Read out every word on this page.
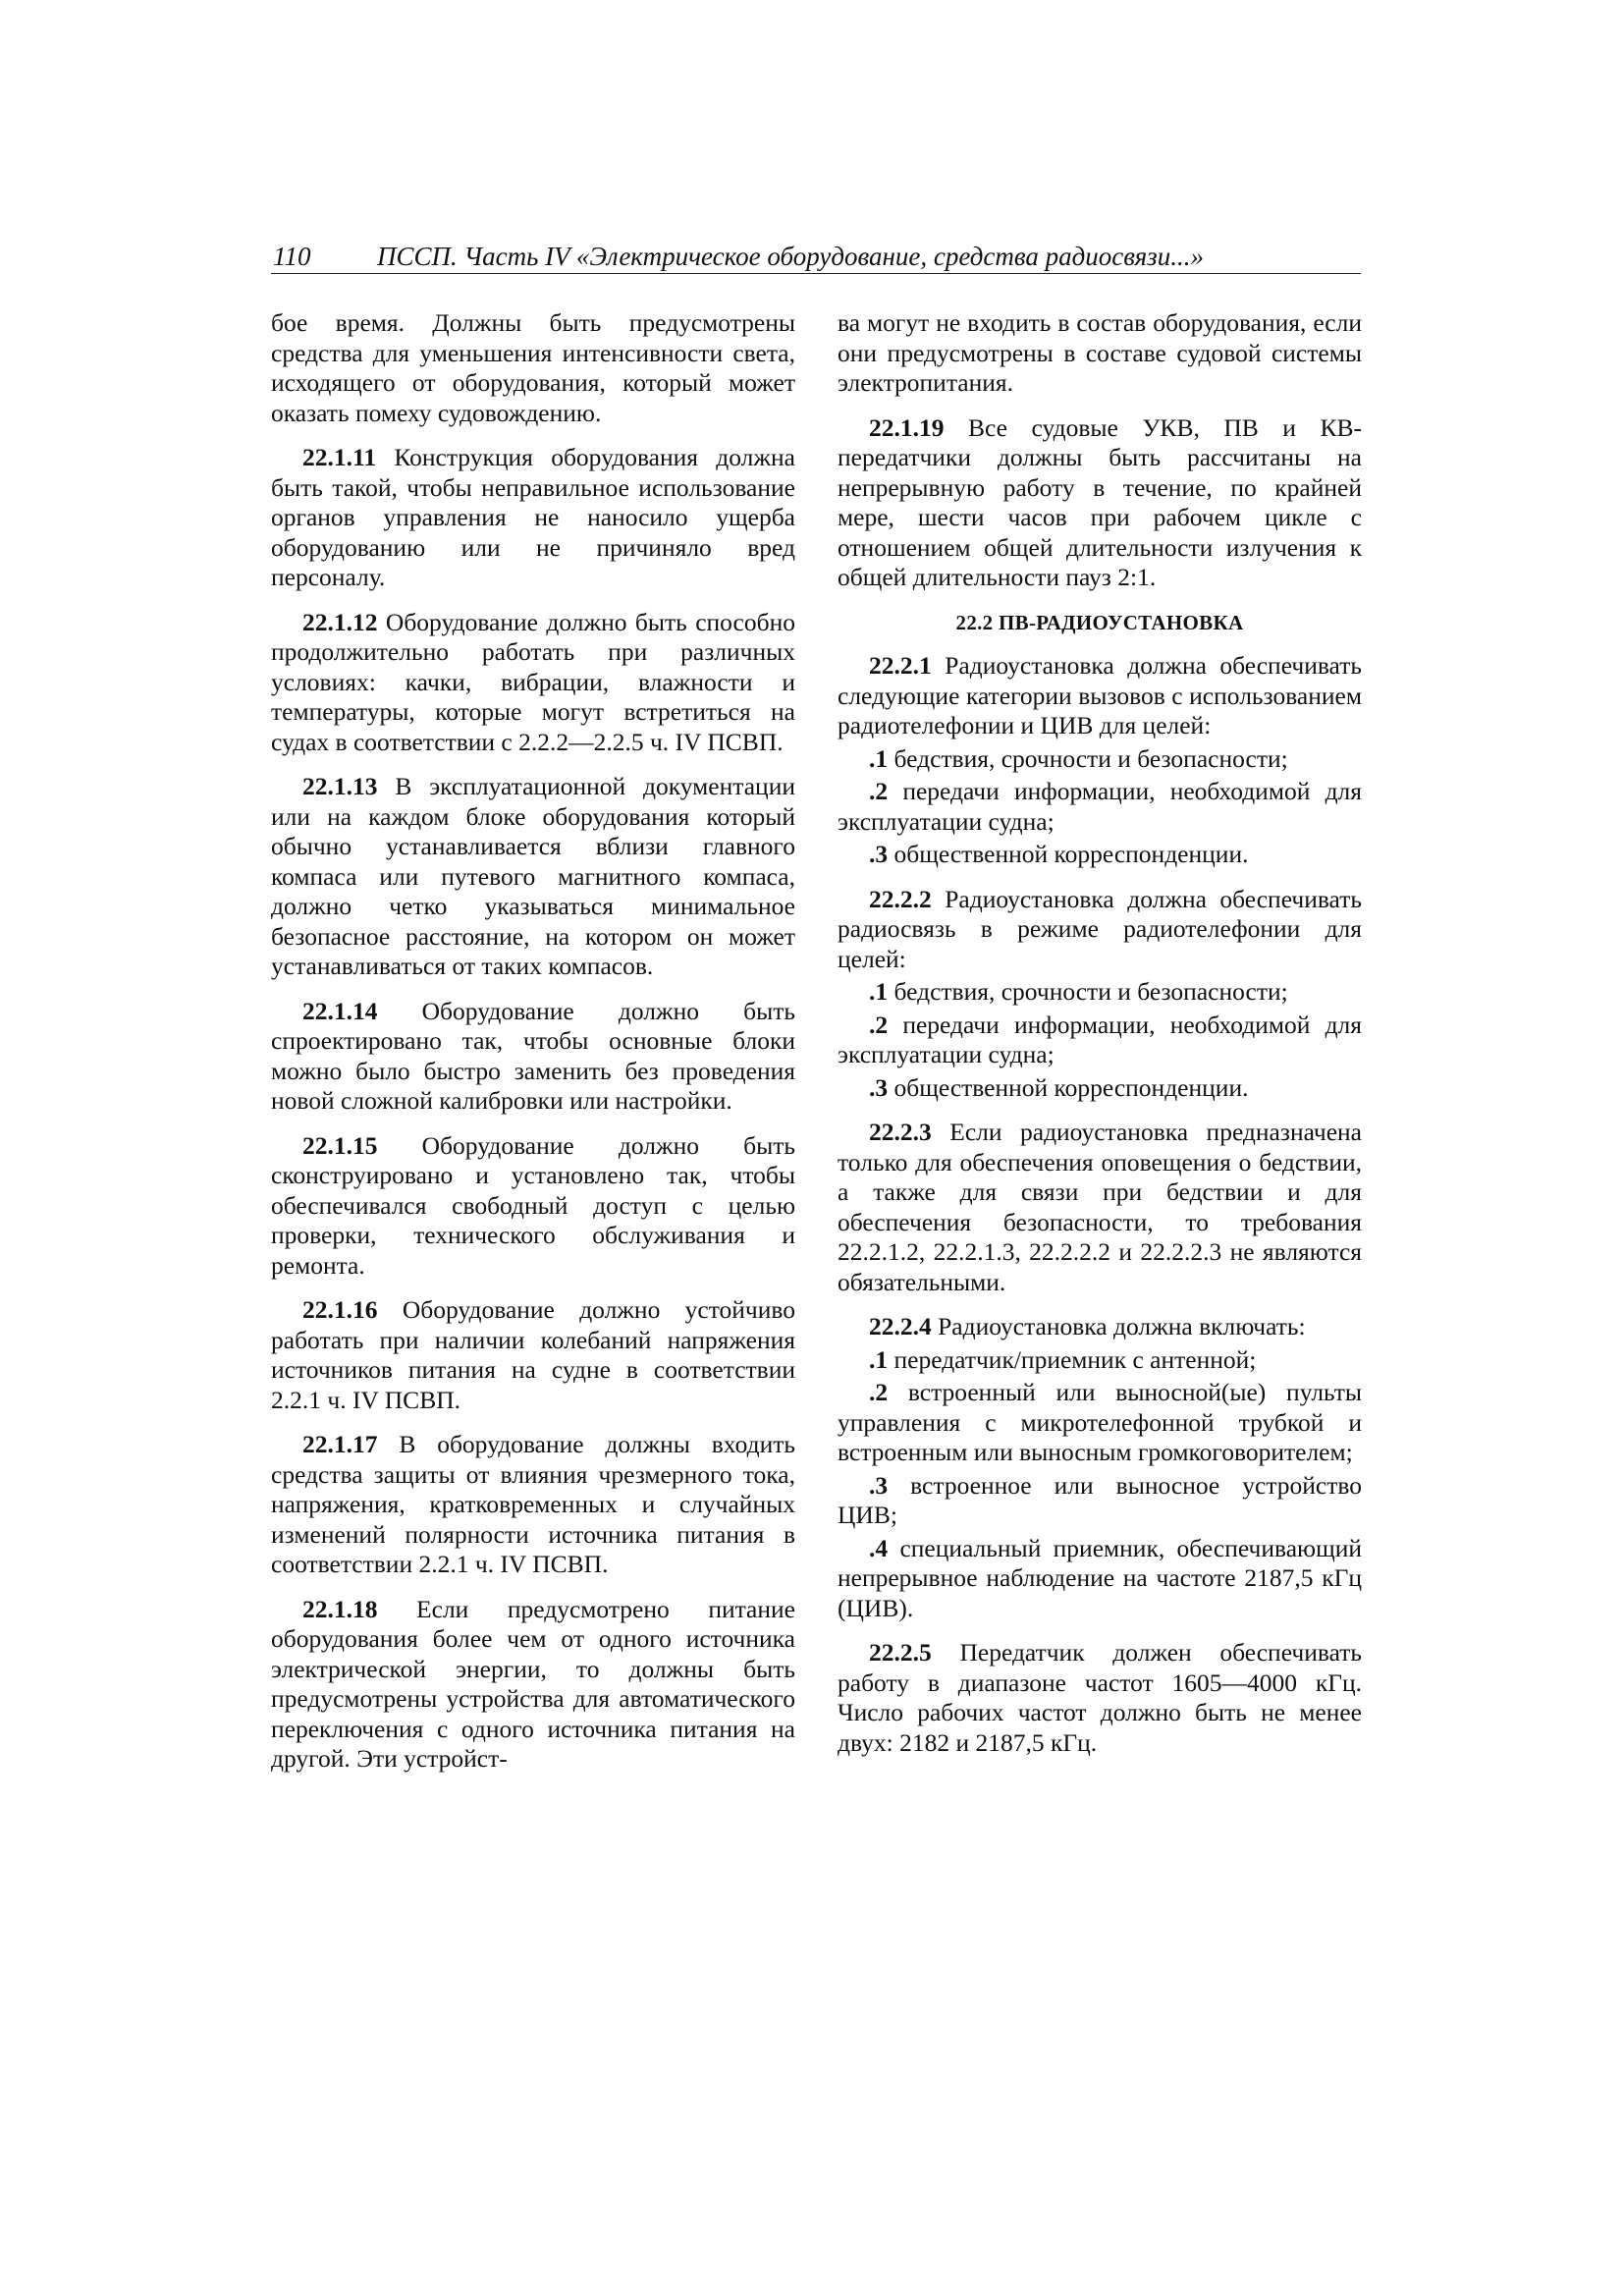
110	ПССП. Часть IV «Электрическое оборудование, средства радиосвязи...»

бое время. Должны быть предусмотрены средства для уменьшения интенсивности света, исходящего от оборудования, который может оказать помеху судовождению.

22.1.11 Конструкция оборудования должна быть такой, чтобы неправильное использование органов управления не наносило ущерба оборудованию или не причиняло вред персоналу.

22.1.12 Оборудование должно быть способно продолжительно работать при различных условиях: качки, вибрации, влажности и температуры, которые могут встретиться на судах в соответствии с 2.2.2—2.2.5 ч. IV ПСВП.

22.1.13 В эксплуатационной документации или на каждом блоке оборудования который обычно устанавливается вблизи главного компаса или путевого магнитного компаса, должно четко указываться минимальное безопасное расстояние, на котором он может устанавливаться от таких компасов.

22.1.14 Оборудование должно быть спроектировано так, чтобы основные блоки можно было быстро заменить без проведения новой сложной калибровки или настройки.

22.1.15 Оборудование должно быть сконструировано и установлено так, чтобы обеспечивался свободный доступ с целью проверки, технического обслуживания и ремонта.

22.1.16 Оборудование должно устойчиво работать при наличии колебаний напряжения источников питания на судне в соответствии 2.2.1 ч. IV ПСВП.

22.1.17 В оборудование должны входить средства защиты от влияния чрезмерного тока, напряжения, кратковременных и случайных изменений полярности источника питания в соответствии 2.2.1 ч. IV ПСВП.

22.1.18 Если предусмотрено питание оборудования более чем от одного источника электрической энергии, то должны быть предусмотрены устройства для автоматического переключения с одного источника питания на другой. Эти устройст-

ва могут не входить в состав оборудования, если они предусмотрены в составе судовой системы электропитания.

22.1.19 Все судовые УКВ, ПВ и КВ-передатчики должны быть рассчитаны на непрерывную работу в течение, по крайней мере, шести часов при рабочем цикле с отношением общей длительности излучения к общей длительности пауз 2:1.

22.2 ПВ-РАДИОУСТАНОВКА

22.2.1 Радиоустановка должна обеспечивать следующие категории вызовов с использованием радиотелефонии и ЦИВ для целей:

.1 бедствия, срочности и безопасности;

.2 передачи информации, необходимой для эксплуатации судна;

.3 общественной корреспонденции.

22.2.2 Радиоустановка должна обеспечивать радиосвязь в режиме радиотелефонии для целей:

.1 бедствия, срочности и безопасности;

.2 передачи информации, необходимой для эксплуатации судна;

.3 общественной корреспонденции.

22.2.3 Если радиоустановка предназначена только для обеспечения оповещения о бедствии, а также для связи при бедствии и для обеспечения безопасности, то требования 22.2.1.2, 22.2.1.3, 22.2.2.2 и 22.2.2.3 не являются обязательными.

22.2.4 Радиоустановка должна включать:

.1 передатчик/приемник с антенной;

.2 встроенный или выносной(ые) пульты управления с микротелефонной трубкой и встроенным или выносным громкоговорителем;

.3 встроенное или выносное устройство ЦИВ;

.4 специальный приемник, обеспечивающий непрерывное наблюдение на частоте 2187,5 кГц (ЦИВ).

22.2.5 Передатчик должен обеспечивать работу в диапазоне частот 1605—4000 кГц. Число рабочих частот должно быть не менее двух: 2182 и 2187,5 кГц.
